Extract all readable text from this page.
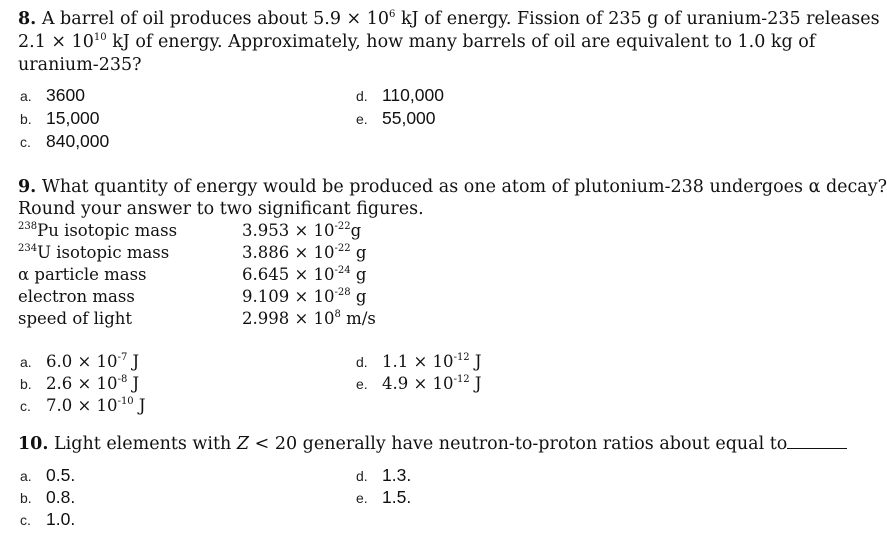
8. A barrel of oil produces about $5.9 \times 10^6$ kJ of energy. Fission of 235 g of uranium-235 releases
$2.1 \times 10^{10}$ kJ of energy. Approximately, how many barrels of oil are equivalent to 1.0 kg of
uranium-235?
a. 3600
b. 15,000
c. 840,000
d. 110,000
e. 55,000
9. What quantity of energy would be produced as one atom of plutonium-238 undergoes α decay?
Round your answer to two significant figures.
$^{238}$Pu isotopic mass	$3.953 \times 10^{-22}g$
$^{234}$U isotopic mass	$3.886 \times 10^{-22}$ g
α particle mass	$6.645 \times 10^{-24}$ g
electron mass	$9.109 \times 10^{-28}$ g
speed of light	$2.998 \times 10^8$ m/s
a. $6.0 \times 10^{-7}$ J
b. $2.6 \times 10^{-8}$ J
c. $7.0 \times 10^{-10}$ J
d. $1.1 \times 10^{-12}$ J
e. $4.9 \times 10^{-12}$ J
10. Light elements with Z < 20 generally have neutron-to-proton ratios about equal to
a. 0.5.
b. 0.8.
c. 1.0.
d. 1.3.
e. 1.5.
